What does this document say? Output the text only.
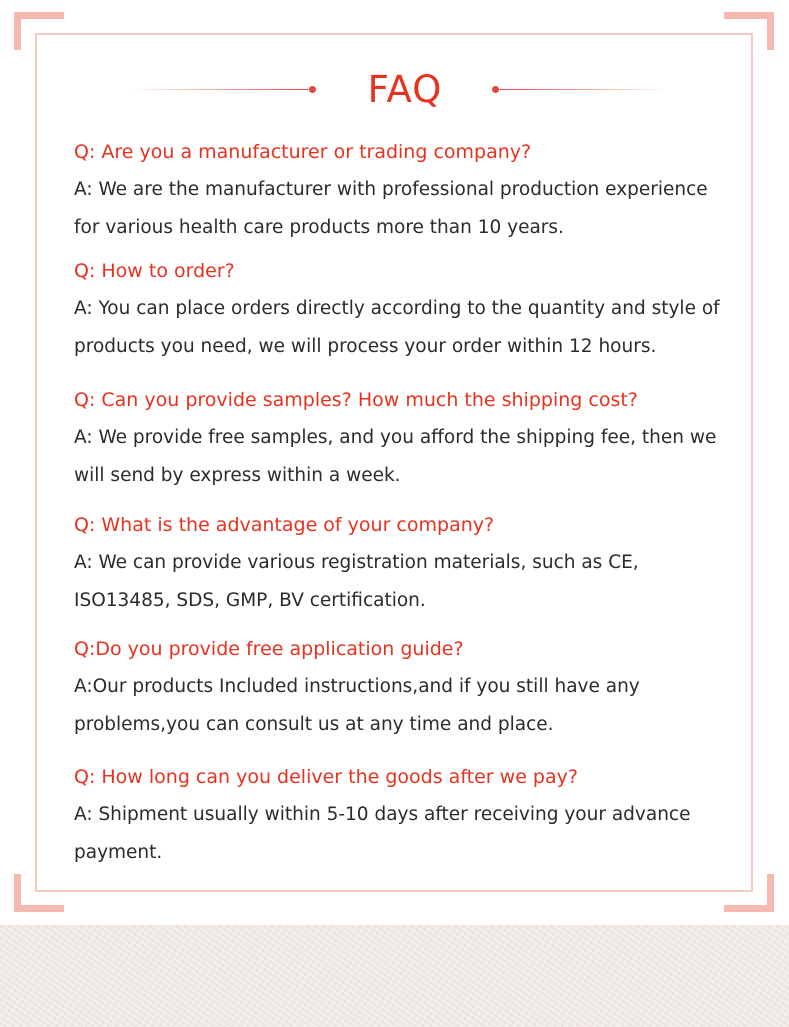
FAQ
Q: Are you a manufacturer or trading company?
A: We are the manufacturer with professional production experience for various health care products more than 10 years.
Q: How to order?
A: You can place orders directly according to the quantity and style of products you need, we will process your order within 12 hours.
Q: Can you provide samples? How much the shipping cost?
A: We provide free samples, and you afford the shipping fee, then we will send by express within a week.
Q: What is the advantage of your company?
A: We can provide various registration materials, such as CE, ISO13485, SDS, GMP, BV certification.
Q:Do you provide free application guide?
A:Our products Included instructions,and if you still have any problems,you can consult us at any time and place.
Q: How long can you deliver the goods after we pay?
A: Shipment usually within 5-10 days after receiving your advance payment.
